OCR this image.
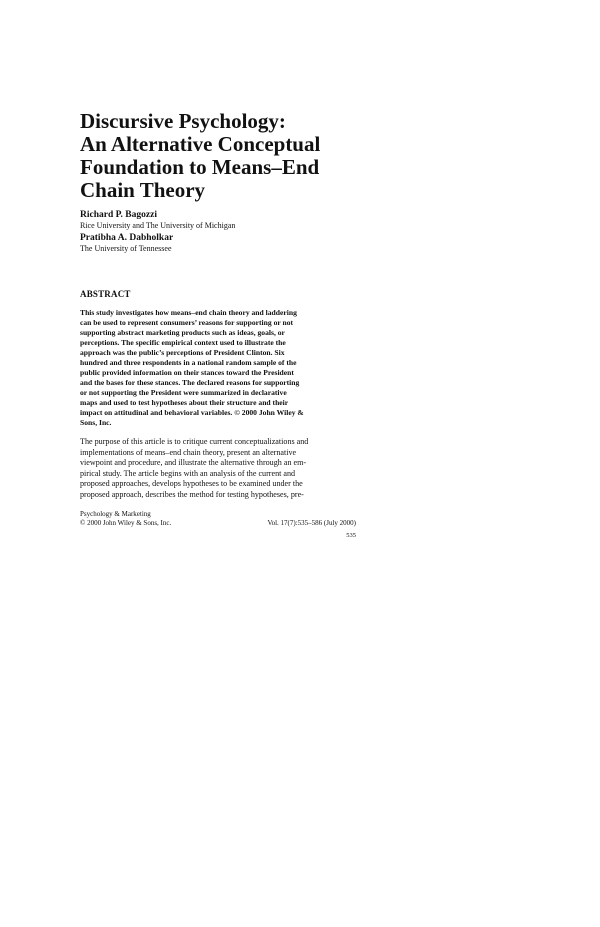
Discursive Psychology:
An Alternative Conceptual
Foundation to Means–End
Chain Theory
Richard P. Bagozzi
Rice University and The University of Michigan
Pratibha A. Dabholkar
The University of Tennessee
ABSTRACT
This study investigates how means–end chain theory and laddering
can be used to represent consumers’ reasons for supporting or not
supporting abstract marketing products such as ideas, goals, or
perceptions. The specific empirical context used to illustrate the
approach was the public’s perceptions of President Clinton. Six
hundred and three respondents in a national random sample of the
public provided information on their stances toward the President
and the bases for these stances. The declared reasons for supporting
or not supporting the President were summarized in declarative
maps and used to test hypotheses about their structure and their
impact on attitudinal and behavioral variables. © 2000 John Wiley &
Sons, Inc.
The purpose of this article is to critique current conceptualizations and
implementations of means–end chain theory, present an alternative
viewpoint and procedure, and illustrate the alternative through an em-
pirical study. The article begins with an analysis of the current and
proposed approaches, develops hypotheses to be examined under the
proposed approach, describes the method for testing hypotheses, pre-
Psychology & Marketing
© 2000 John Wiley & Sons, Inc.	Vol. 17(7):535–586 (July 2000)
535
